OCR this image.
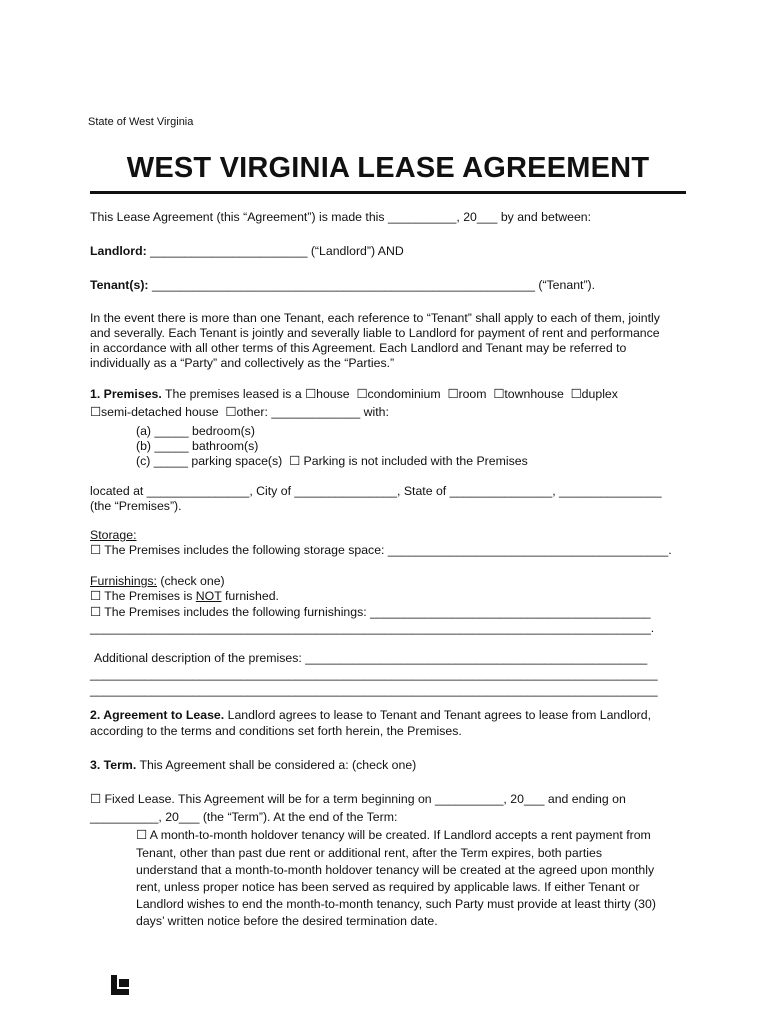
State of West Virginia
WEST VIRGINIA LEASE AGREEMENT
This Lease Agreement (this “Agreement”) is made this __________, 20___ by and between:
Landlord: _______________________ (“Landlord”) AND
Tenant(s): ________________________________________________________ (“Tenant”).
In the event there is more than one Tenant, each reference to “Tenant” shall apply to each of them, jointly
and severally. Each Tenant is jointly and severally liable to Landlord for payment of rent and performance
in accordance with all other terms of this Agreement. Each Landlord and Tenant may be referred to
individually as a “Party” and collectively as the “Parties.”
1. Premises. The premises leased is a ☐house  ☐condominium  ☐room  ☐townhouse  ☐duplex
☐semi-detached house  ☐other: _____________ with:
(a) _____ bedroom(s)
(b) _____ bathroom(s)
(c) _____ parking space(s)  ☐ Parking is not included with the Premises
located at _______________, City of _______________, State of _______________, _______________
(the “Premises”).
Storage:
☐ The Premises includes the following storage space: _________________________________________.
Furnishings: (check one)
☐ The Premises is NOT furnished.
☐ The Premises includes the following furnishings: _________________________________________
__________________________________________________________________________________.
Additional description of the premises: __________________________________________________
___________________________________________________________________________________
___________________________________________________________________________________
2. Agreement to Lease. Landlord agrees to lease to Tenant and Tenant agrees to lease from Landlord,
according to the terms and conditions set forth herein, the Premises.
3. Term. This Agreement shall be considered a: (check one)
☐ Fixed Lease. This Agreement will be for a term beginning on __________, 20___ and ending on
__________, 20___ (the “Term”). At the end of the Term:
☐ A month-to-month holdover tenancy will be created. If Landlord accepts a rent payment from
Tenant, other than past due rent or additional rent, after the Term expires, both parties
understand that a month-to-month holdover tenancy will be created at the agreed upon monthly
rent, unless proper notice has been served as required by applicable laws. If either Tenant or
Landlord wishes to end the month-to-month tenancy, such Party must provide at least thirty (30)
days’ written notice before the desired termination date.
